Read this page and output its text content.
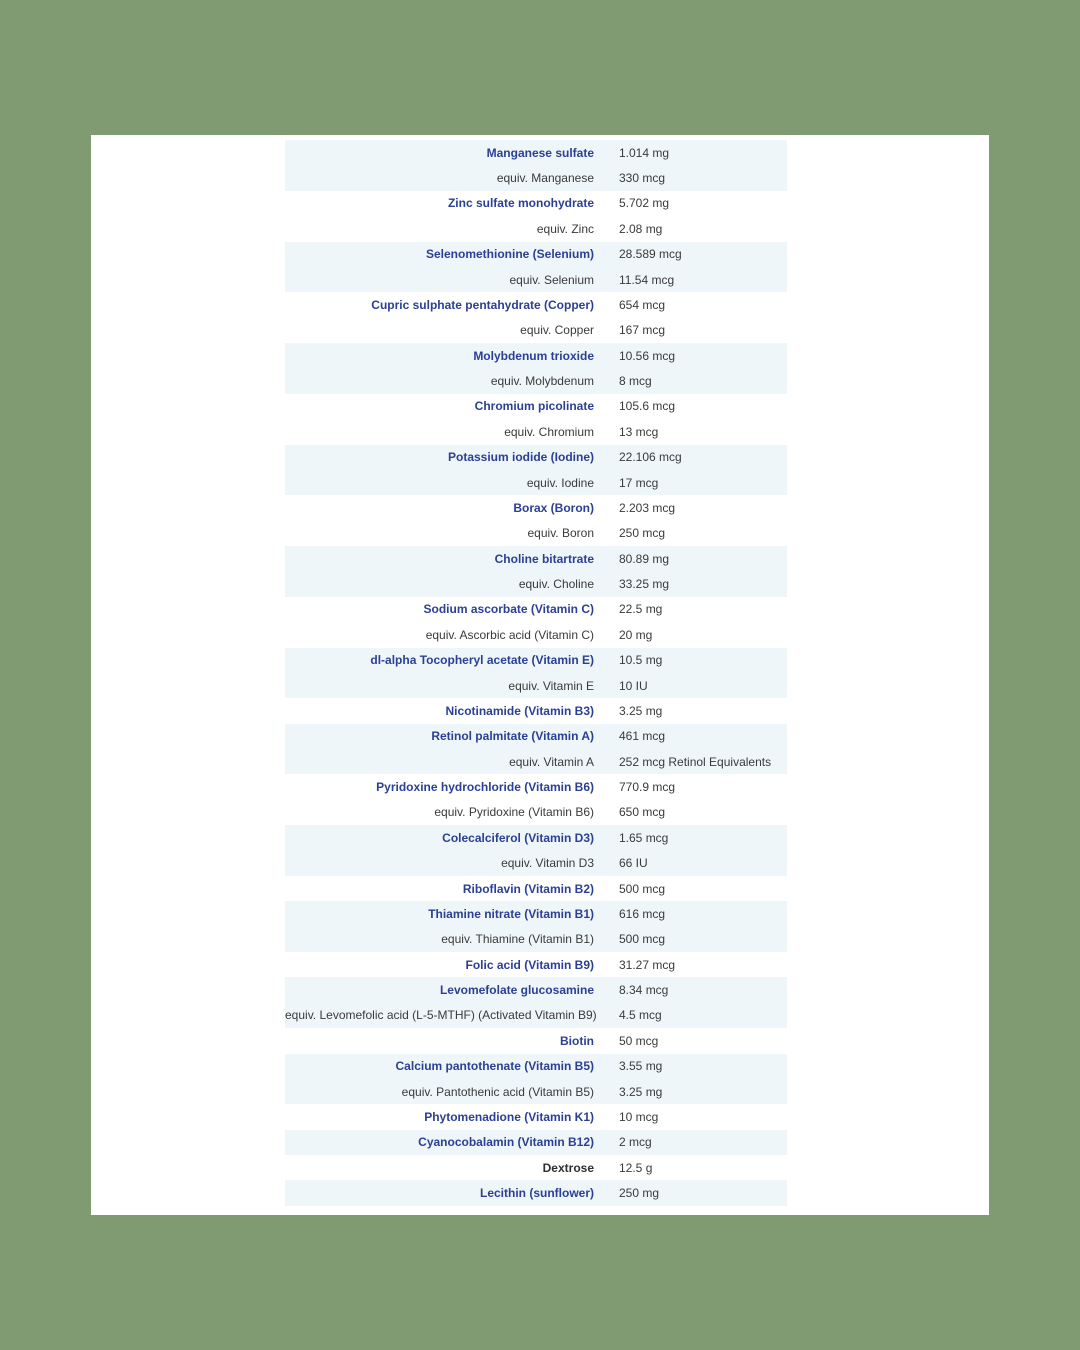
Manganese sulfate	1.014 mg
equiv. Manganese	330 mcg
Zinc sulfate monohydrate	5.702 mg
equiv. Zinc	2.08 mg
Selenomethionine (Selenium)	28.589 mcg
equiv. Selenium	11.54 mcg
Cupric sulphate pentahydrate (Copper)	654 mcg
equiv. Copper	167 mcg
Molybdenum trioxide	10.56 mcg
equiv. Molybdenum	8 mcg
Chromium picolinate	105.6 mcg
equiv. Chromium	13 mcg
Potassium iodide (Iodine)	22.106 mcg
equiv. Iodine	17 mcg
Borax (Boron)	2.203 mcg
equiv. Boron	250 mcg
Choline bitartrate	80.89 mg
equiv. Choline	33.25 mg
Sodium ascorbate (Vitamin C)	22.5 mg
equiv. Ascorbic acid (Vitamin C)	20 mg
dl-alpha Tocopheryl acetate (Vitamin E)	10.5 mg
equiv. Vitamin E	10 IU
Nicotinamide (Vitamin B3)	3.25 mg
Retinol palmitate (Vitamin A)	461 mcg
equiv. Vitamin A	252 mcg Retinol Equivalents
Pyridoxine hydrochloride (Vitamin B6)	770.9 mcg
equiv. Pyridoxine (Vitamin B6)	650 mcg
Colecalciferol (Vitamin D3)	1.65 mcg
equiv. Vitamin D3	66 IU
Riboflavin (Vitamin B2)	500 mcg
Thiamine nitrate (Vitamin B1)	616 mcg
equiv. Thiamine (Vitamin B1)	500 mcg
Folic acid (Vitamin B9)	31.27 mcg
Levomefolate glucosamine	8.34 mcg
equiv. Levomefolic acid (L-5-MTHF) (Activated Vitamin B9)	4.5 mcg
Biotin	50 mcg
Calcium pantothenate (Vitamin B5)	3.55 mg
equiv. Pantothenic acid (Vitamin B5)	3.25 mg
Phytomenadione (Vitamin K1)	10 mcg
Cyanocobalamin (Vitamin B12)	2 mcg
Dextrose	12.5 g
Lecithin (sunflower)	250 mg
